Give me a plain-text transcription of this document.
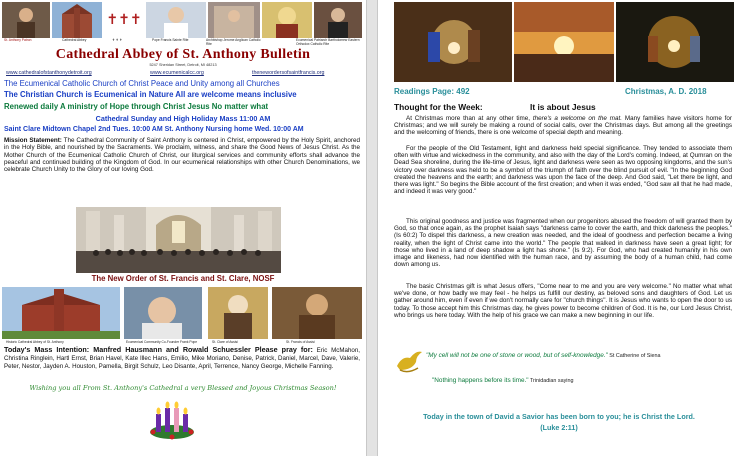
✝✝✝
St. Anthony Patron	Cathedral Abbey	✝ ✝ ✝	Pope Francis Sainte Rite	Archbishop Jerome Anglican Catholic Rite
Ecumenical Patriarch Bartholomew Eastern Orthodox Catholic Rite
Cathedral Abbey of St. Anthony Bulletin
5247 Sheridan Street, Detroit, MI 48213
www.cathedralofstanthonydetroit.org	www.ecumenicalcc.org	thenewordersofsaintfrancis.org
The Ecumenical Catholic Church of Christ Peace and Unity among all Churches
The Christian Church is Ecumenical in Nature All are welcome means inclusive
Renewed daily A ministry of Hope through Christ Jesus No matter what
Cathedral Sunday and High Holiday Mass 11:00 AM
Saint Clare Midtown Chapel 2nd Tues. 10:00 AM St. Anthony Nursing home Wed. 10:00 AM

Mission Statement: The Cathedral Community of Saint Anthony is centered in Christ, empowered by the Holy Spirit, anchored in the Holy Bible, and nourished by the Sacraments. We proclaim, witness, and share the Good News of Jesus Christ. As the Mother Church of the Ecumenical Catholic Church of Christ, our liturgical services and community efforts shall advance the peaceful and continued building of the Kingdom of God. In our ecumenical relationships with other Church Denominations, we celebrate Church Unity to the Glory of our loving God.

The New Order of St. Francis and St. Clare, NOSF
Historic Cathedral Abbey of St. Anthony	Ecumenical Community Co-Founder Frank Pope	St. Clare of Assisi	St. Francis of Assisi

Today's Mass Intention: Manfred Hausmann and Rowald Schuessler Please pray for: Eric McMahon, Christina Ringlein, Hartl Ernst, Brian Havel, Kate Illec Hans, Emilio, Mike Moriano, Denise, Patrick, Daniel, Marcel, Dave, Valerie, Peter, Nestor, Jayden A. Houston, Pamella, Birgit Schulz, Leo Disante, April, Terrence, Nancy George, Michelle Fanning.

Wishing you all From St. Anthony's Cathedral a very Blessed and Joyous Christmas Season!
Readings Page: 492	Christmas, A. D. 2018
Thought for the Week:	It is about Jesus

At Christmas more than at any other time, there's a welcome on the mat. Many families have visitors home for Christmas; and we will surely be making a round of social calls, over the Christmas days. But among all the greetings and the welcoming of friends, there is one welcome of special depth and meaning.

For the people of the Old Testament, light and darkness held special significance. They tended to associate them often with virtue and wickedness in the community, and also with the day of the Lord's coming. Indeed, at Qumran on the Dead Sea shoreline, during the life-time of Jesus, light and darkness were seen as two opposing kingdoms, and the sun's victory over darkness was held to be a symbol of the triumph of faith over the blind pursuit of evil. "In the beginning God created the heavens and the earth; and darkness was upon the face of the deep. And God said, "Let there be light, and there was light." So begins the Bible account of the first creation; and when it was ended, "God saw all that he had made, and indeed it was very good."

This original goodness and justice was fragmented when our progenitors abused the freedom of will granted them by God, so that once again, as the prophet Isaiah says "darkness came to cover the earth, and thick darkness the peoples." (Is 60:2) To dispel this darkness, a new creation was needed, and the ideal of goodness and perfection became a living reality, when the light of Christ came into the world." The people that walked in darkness have seen a great light; for those who lived in a land of deep shadow a light has shone." (Is 9:2). For God, who had created humanity in his own image and likeness, had now identified with the human race, and by assuming the body of a human child, had come down among us.

The basic Christmas gift is what Jesus offers, "Come near to me and you are very welcome." No matter what what we've done, or how badly we may feel - he helps us fulfill our destiny, as beloved sons and daughters of God. Let us gather around him, even if even if we don't normally care for "church things". It is Jesus who wants to open the door to us today. To those accept him this Christmas day, he gives power to become children of God. It is he, our Lord Jesus Christ, who brings us here today. With the help of his grace we can make a new beginning in our life.

"My cell will not be one of stone or wood, but of self-knowledge." St Catherine of Siena
"Nothing happens before its time." Trinidadian saying
Today in the town of David a Savior has been born to you; he is Christ the Lord.
(Luke 2:11)
